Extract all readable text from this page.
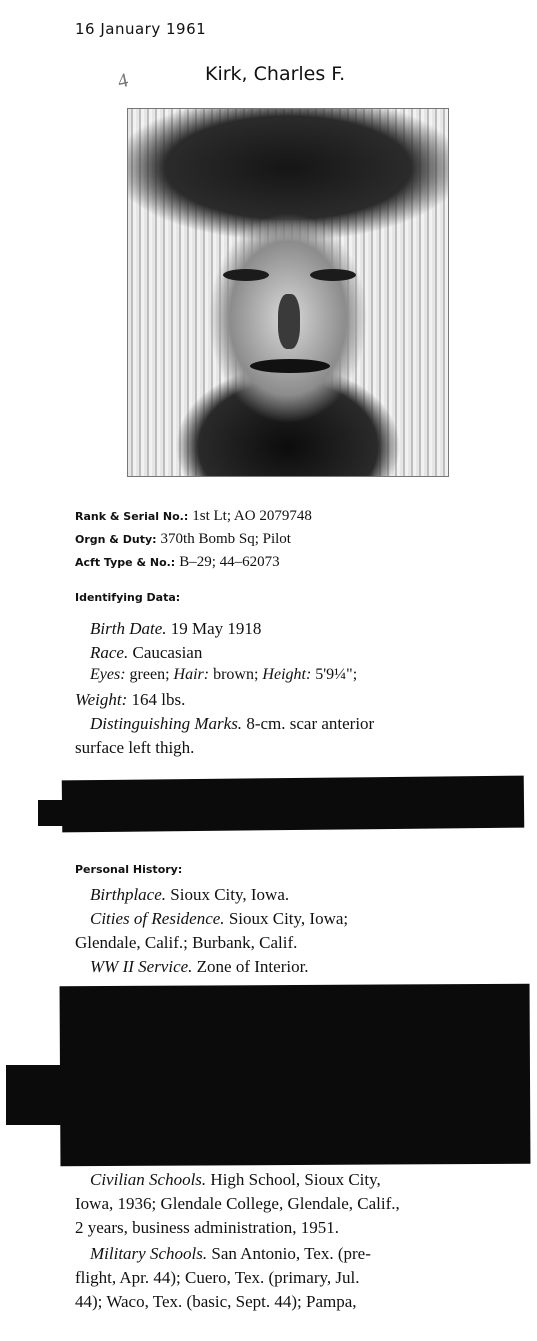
16 January 1961
4	Kirk, Charles F.
Rank & Serial No.: 1st Lt; AO 2079748
Orgn & Duty: 370th Bomb Sq; Pilot
Acft Type & No.: B–29; 44–62073
Identifying Data:
Birth Date. 19 May 1918
Race. Caucasian
Eyes: green; Hair: brown; Height: 5'9¼";
Weight: 164 lbs.
Distinguishing Marks. 8-cm. scar anterior
surface left thigh.
Personal History:
Birthplace. Sioux City, Iowa.
Cities of Residence. Sioux City, Iowa;
Glendale, Calif.; Burbank, Calif.
WW II Service. Zone of Interior.
Civilian Schools. High School, Sioux City,
Iowa, 1936; Glendale College, Glendale, Calif.,
2 years, business administration, 1951.
Military Schools. San Antonio, Tex. (pre-
flight, Apr. 44); Cuero, Tex. (primary, Jul.
44); Waco, Tex. (basic, Sept. 44); Pampa,
